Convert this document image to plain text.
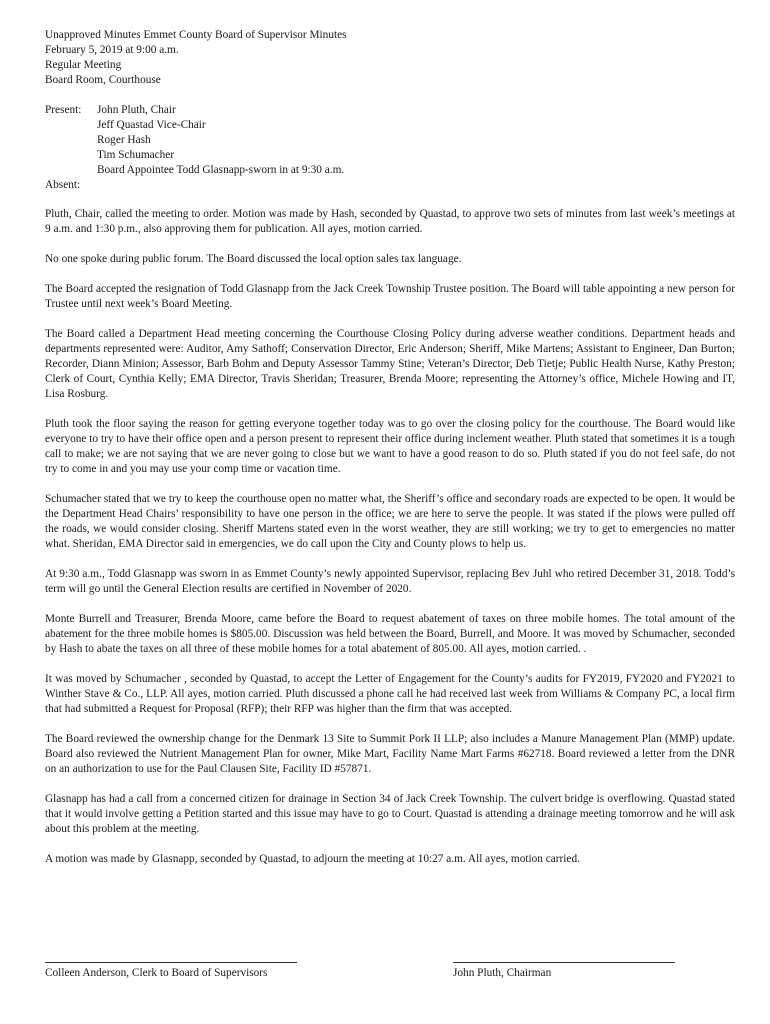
Unapproved Minutes Emmet County Board of Supervisor Minutes
February 5, 2019 at 9:00 a.m.
Regular Meeting
Board Room, Courthouse
Present: John Pluth, Chair
Jeff Quastad Vice-Chair
Roger Hash
Tim Schumacher
Board Appointee Todd Glasnapp-sworn in at 9:30 a.m.
Absent:

Pluth, Chair, called the meeting to order. Motion was made by Hash, seconded by Quastad, to approve two sets of minutes from last week’s meetings at 9 a.m. and 1:30 p.m., also approving them for publication. All ayes, motion carried.

No one spoke during public forum. The Board discussed the local option sales tax language.

The Board accepted the resignation of Todd Glasnapp from the Jack Creek Township Trustee position. The Board will table appointing a new person for Trustee until next week’s Board Meeting.

The Board called a Department Head meeting concerning the Courthouse Closing Policy during adverse weather conditions. Department heads and departments represented were: Auditor, Amy Sathoff; Conservation Director, Eric Anderson; Sheriff, Mike Martens; Assistant to Engineer, Dan Burton; Recorder, Diann Minion; Assessor, Barb Bohm and Deputy Assessor Tammy Stine; Veteran’s Director, Deb Tietje; Public Health Nurse, Kathy Preston; Clerk of Court, Cynthia Kelly; EMA Director, Travis Sheridan; Treasurer, Brenda Moore; representing the Attorney’s office, Michele Howing and IT, Lisa Rosburg.

Pluth took the floor saying the reason for getting everyone together today was to go over the closing policy for the courthouse. The Board would like everyone to try to have their office open and a person present to represent their office during inclement weather. Pluth stated that sometimes it is a tough call to make; we are not saying that we are never going to close but we want to have a good reason to do so. Pluth stated if you do not feel safe, do not try to come in and you may use your comp time or vacation time.

Schumacher stated that we try to keep the courthouse open no matter what, the Sheriff’s office and secondary roads are expected to be open. It would be the Department Head Chairs’ responsibility to have one person in the office; we are here to serve the people. It was stated if the plows were pulled off the roads, we would consider closing. Sheriff Martens stated even in the worst weather, they are still working; we try to get to emergencies no matter what. Sheridan, EMA Director said in emergencies, we do call upon the City and County plows to help us.

At 9:30 a.m., Todd Glasnapp was sworn in as Emmet County’s newly appointed Supervisor, replacing Bev Juhl who retired December 31, 2018. Todd’s term will go until the General Election results are certified in November of 2020.

Monte Burrell and Treasurer, Brenda Moore, came before the Board to request abatement of taxes on three mobile homes. The total amount of the abatement for the three mobile homes is $805.00. Discussion was held between the Board, Burrell, and Moore. It was moved by Schumacher, seconded by Hash to abate the taxes on all three of these mobile homes for a total abatement of 805.00. All ayes, motion carried. .

It was moved by Schumacher , seconded by Quastad, to accept the Letter of Engagement for the County’s audits for FY2019, FY2020 and FY2021 to Winther Stave & Co., LLP. All ayes, motion carried. Pluth discussed a phone call he had received last week from Williams & Company PC, a local firm that had submitted a Request for Proposal (RFP); their RFP was higher than the firm that was accepted.

The Board reviewed the ownership change for the Denmark 13 Site to Summit Pork II LLP; also includes a Manure Management Plan (MMP) update. Board also reviewed the Nutrient Management Plan for owner, Mike Mart, Facility Name Mart Farms #62718. Board reviewed a letter from the DNR on an authorization to use for the Paul Clausen Site, Facility ID #57871.

Glasnapp has had a call from a concerned citizen for drainage in Section 34 of Jack Creek Township. The culvert bridge is overflowing. Quastad stated that it would involve getting a Petition started and this issue may have to go to Court. Quastad is attending a drainage meeting tomorrow and he will ask about this problem at the meeting.

A motion was made by Glasnapp, seconded by Quastad, to adjourn the meeting at 10:27 a.m. All ayes, motion carried.

Colleen Anderson, Clerk to Board of Supervisors	John Pluth, Chairman
